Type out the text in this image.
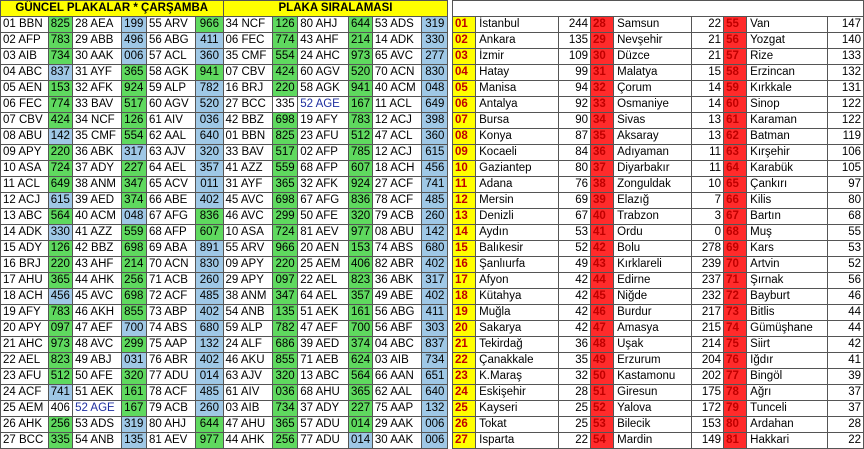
GÜNCEL PLAKALAR * ÇARŞAMBA						PLAKA SIRALAMASI															
01 BBN	825	28 AEA	199	55 ARV	966	34 NCF	126	80 AHJ	644	53 ADS	319		01	İstanbul	244	28	Samsun	22	55	Van	147
02 AFP	783	29 ABB	496	56 ABG	411	06 FEC	774	43 AHF	214	14 ADK	330		02	Ankara	135	29	Nevşehir	21	56	Yozgat	140
03 AIB	734	30 AAK	006	57 ACL	360	35 CMF	554	24 AHC	973	65 AVC	277		03	İzmir	109	30	Düzce	21	57	Rize	133
04 ABC	837	31 AYF	365	58 AGK	941	07 CBV	424	60 AGV	520	70 ACN	830		04	Hatay	99	31	Malatya	15	58	Erzincan	132
05 AEN	153	32 AFK	924	59 ALP	782	16 BRJ	220	58 AGK	941	40 ACM	048		05	Manisa	94	32	Çorum	14	59	Kırkkale	131
06 FEC	774	33 BAV	517	60 AGV	520	27 BCC	335	52 AGE	167	11 ACL	649		06	Antalya	92	33	Osmaniye	14	60	Sinop	122
07 CBV	424	34 NCF	126	61 AIV	036	42 BBZ	698	19 AFY	783	12 ACJ	398		07	Bursa	90	34	Sivas	13	61	Karaman	122
08 ABU	142	35 CMF	554	62 AAL	640	01 BBN	825	23 AFU	512	47 ACL	360		08	Konya	87	35	Aksaray	13	62	Batman	119
09 APY	220	36 ABK	317	63 AJV	320	33 BAV	517	02 AFP	785	12 ACJ	615		09	Kocaeli	84	36	Adıyaman	11	63	Kırşehir	106
10 ASA	724	37 ADY	227	64 AEL	357	41 AZZ	559	68 AFP	607	18 ACH	456		10	Gaziantep	80	37	Diyarbakır	11	64	Karabük	105
11 ACL	649	38 ANM	347	65 ACV	011	31 AYF	365	32 AFK	924	27 ACF	741		11	Adana	76	38	Zonguldak	10	65	Çankırı	97
12 ACJ	615	39 AED	374	66 ABE	402	45 AVC	698	67 AFG	836	78 ACF	485		12	Mersin	69	39	Elazığ	7	66	Kilis	80
13 ABC	564	40 ACM	048	67 AFG	836	46 AVC	299	50 AFE	320	79 ACB	260		13	Denizli	67	40	Trabzon	3	67	Bartın	68
14 ADK	330	41 AZZ	559	68 AFP	607	10 ASA	724	81 AEV	977	08 ABU	142		14	Aydın	53	41	Ordu	0	68	Muş	55
15 ADY	126	42 BBZ	698	69 ABA	891	55 ARV	966	20 AEN	153	74 ABS	680		15	Balıkesir	52	42	Bolu	278	69	Kars	53
16 BRJ	220	43 AHF	214	70 ACN	830	09 APY	220	25 AEM	406	82 ABR	402		16	Şanlıurfa	49	43	Kırklareli	239	70	Artvin	52
17 AHU	365	44 AHK	256	71 ACB	260	29 APY	097	22 AEL	823	36 ABK	317		17	Afyon	42	44	Edirne	237	71	Şırnak	56
18 ACH	456	45 AVC	698	72 ACF	485	38 ANM	347	64 AEL	357	49 ABE	402		18	Kütahya	42	45	Niğde	232	72	Bayburt	46
19 AFY	783	46 AKH	855	73 ABP	402	54 ANB	135	51 AEK	161	56 ABG	411		19	Muğla	42	46	Burdur	217	73	Bitlis	44
20 APY	097	47 AEF	700	74 ABS	680	59 ALP	782	47 AEF	700	56 ABF	303		20	Sakarya	42	47	Amasya	215	74	Gümüşhane	44
21 AHC	973	48 AVC	299	75 AAP	132	24 ALF	686	39 AED	374	04 ABC	837		21	Tekirdağ	36	48	Uşak	214	75	Siirt	42
22 AEL	823	49 ABJ	031	76 ABR	402	46 AKU	855	71 AEB	624	03 AIB	734		22	Çanakkale	35	49	Erzurum	204	76	Iğdır	41
23 AFU	512	50 AFE	320	77 ADU	014	63 AJV	320	13 ABC	564	66 AAN	651		23	K.Maraş	32	50	Kastamonu	202	77	Bingöl	39
24 ACF	741	51 AEK	161	78 ACF	485	61 AIV	036	68 AHU	365	62 AAL	640		24	Eskişehir	28	51	Giresun	175	78	Ağrı	37
25 AEM	406	52 AGE	167	79 ACB	260	03 AIB	734	37 ADY	227	75 AAP	132		25	Kayseri	25	52	Yalova	172	79	Tunceli	37
26 AHK	256	53 ADS	319	80 AHJ	644	47 AHU	365	57 ADU	014	29 AAK	006		26	Tokat	25	53	Bilecik	153	80	Ardahan	28
27 BCC	335	54 ANB	135	81 AEV	977	44 AHK	256	77 ADU	014	30 AAK	006		27	Isparta	22	54	Mardin	149	81	Hakkari	22
